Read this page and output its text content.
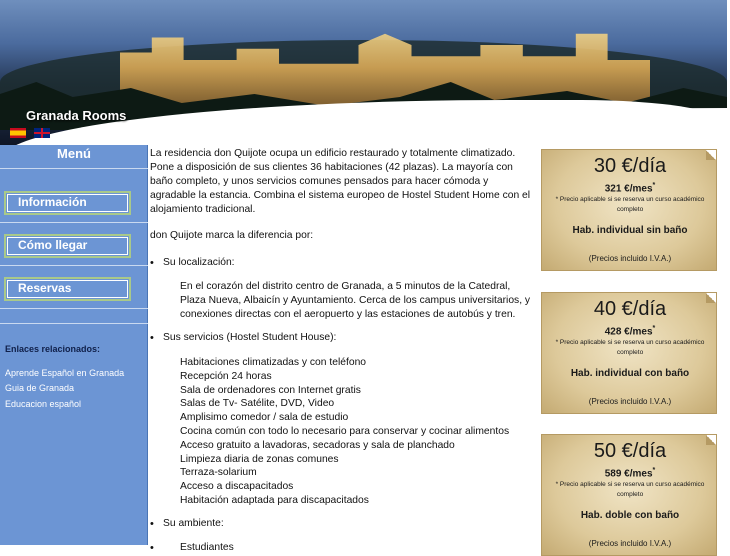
Granada Rooms
Menú
Información
Cómo llegar
Reservas
Enlaces relacionados:
Aprende Español en Granada
Guia de Granada
Educacion español

La residencia don Quijote ocupa un edificio restaurado y totalmente climatizado. Pone a disposición de sus clientes 36 habitaciones (42 plazas). La mayoría con baño completo, y unos servicios comunes pensados para hacer cómoda y agradable la estancia. Combina el sistema europeo de Hostel Student Home con el alojamiento tradicional.

don Quijote marca la diferencia por:

• Su localización:

En el corazón del distrito centro de Granada, a 5 minutos de la Catedral, Plaza Nueva, Albaicín y Ayuntamiento. Cerca de los campus universitarios, y conexiones directas con el aeropuerto y las estaciones de autobús y tren.

• Sus servicios (Hostel Student House):
Habitaciones climatizadas y con teléfono
Recepción 24 horas
Sala de ordenadores con Internet gratis
Salas de Tv- Satélite, DVD, Video
Amplisimo comedor / sala de estudio
Cocina común con todo lo necesario para conservar y cocinar alimentos
Acceso gratuito a lavadoras, secadoras y sala de planchado
Limpieza diaria de zonas comunes
Terraza-solarium
Acceso a discapacitados
Habitación adaptada para discapacitados
• Su ambiente:
• Estudiantes
30 €/día
321 €/mes*
* Precio aplicable si se reserva un curso académico completo
Hab. individual sin baño
(Precios incluido I.V.A.)
40 €/día
428 €/mes*
* Precio aplicable si se reserva un curso académico completo
Hab. individual con baño
(Precios incluido I.V.A.)
50 €/día
589 €/mes*
* Precio aplicable si se reserva un curso académico completo
Hab. doble con baño
(Precios incluido I.V.A.)
